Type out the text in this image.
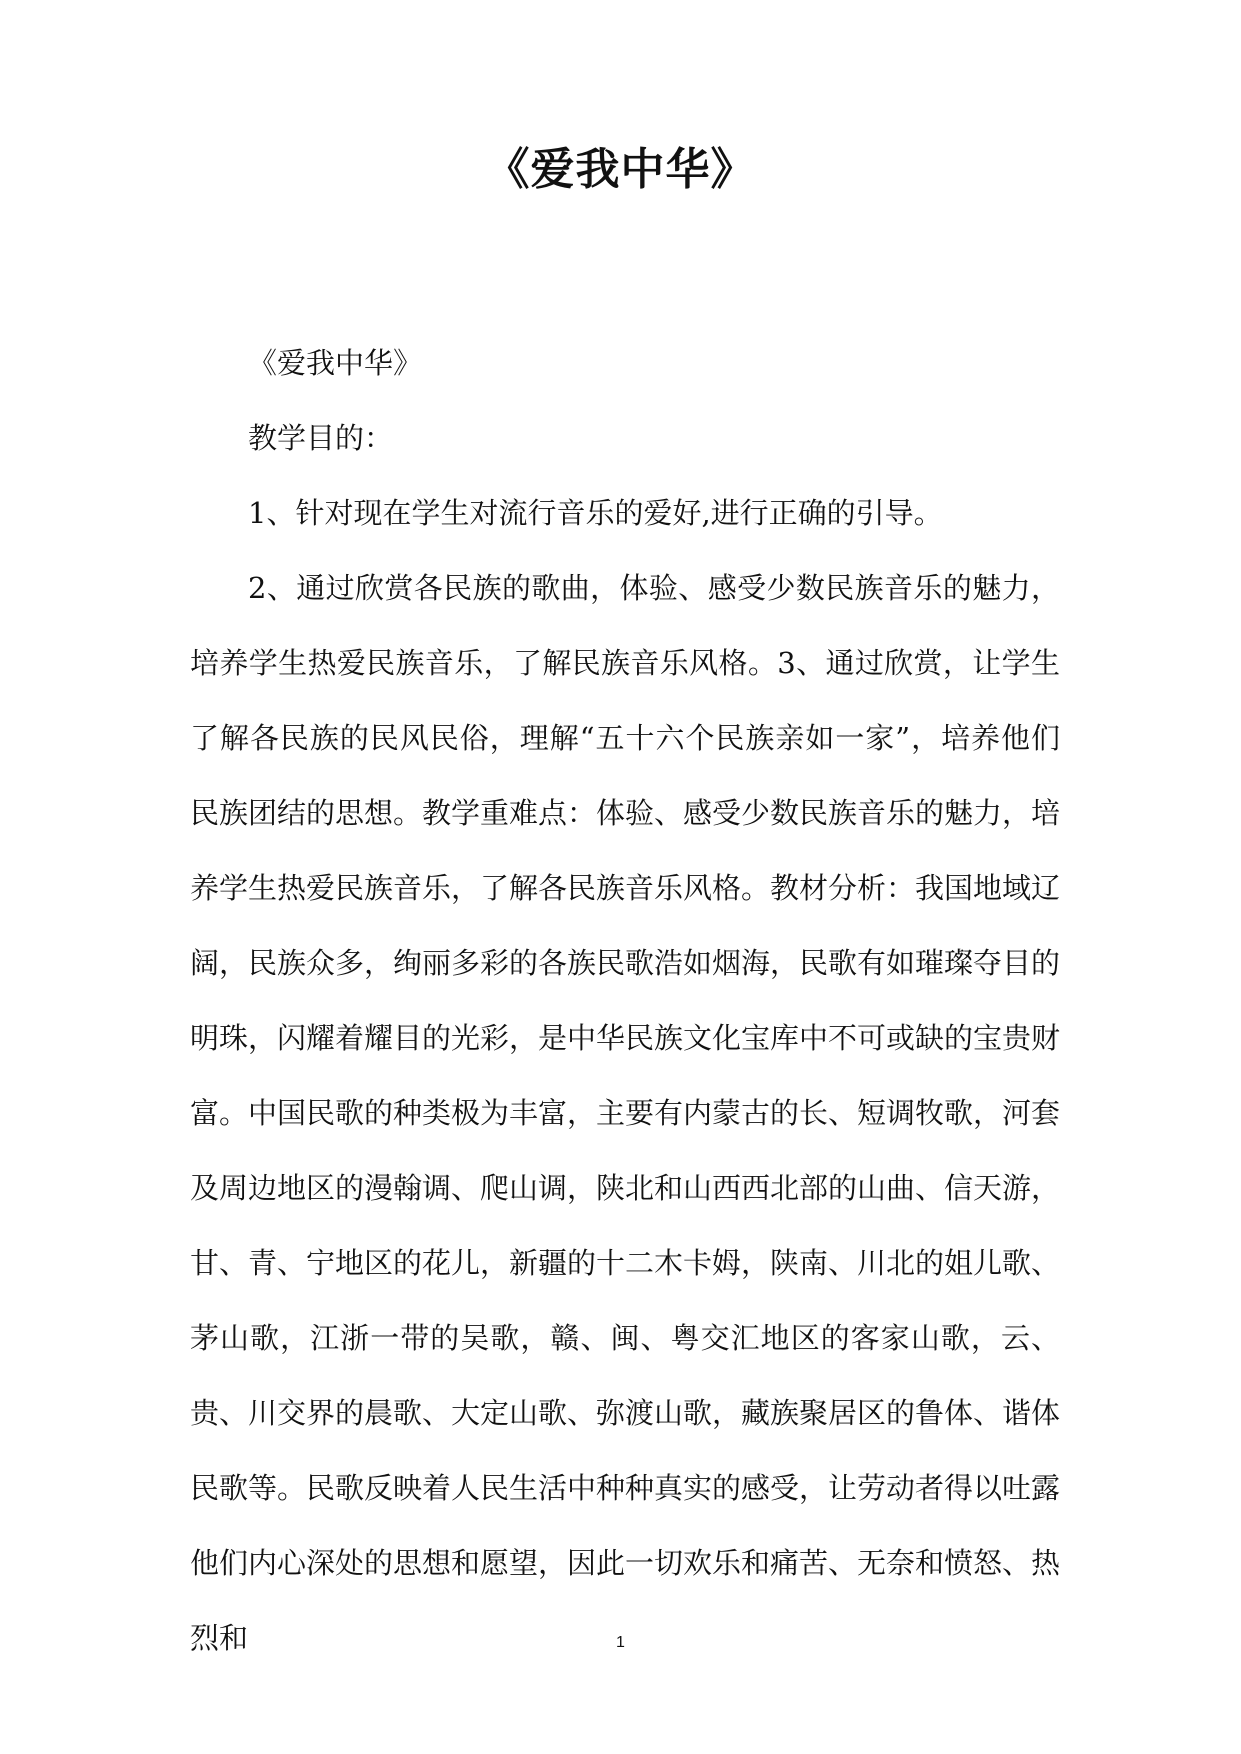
《爱我中华》

《爱我中华》

教学目的：

1、针对现在学生对流行音乐的爱好,进行正确的引导。

2、通过欣赏各民族的歌曲，体验、感受少数民族音乐的魅力，培养学生热爱民族音乐，了解民族音乐风格。3、通过欣赏，让学生了解各民族的民风民俗，理解“五十六个民族亲如一家”，培养他们民族团结的思想。教学重难点：体验、感受少数民族音乐的魅力，培养学生热爱民族音乐，了解各民族音乐风格。教材分析：我国地域辽阔，民族众多，绚丽多彩的各族民歌浩如烟海，民歌有如璀璨夺目的明珠，闪耀着耀目的光彩，是中华民族文化宝库中不可或缺的宝贵财富。中国民歌的种类极为丰富，主要有内蒙古的长、短调牧歌，河套及周边地区的漫翰调、爬山调，陕北和山西西北部的山曲、信天游，甘、青、宁地区的花儿，新疆的十二木卡姆，陕南、川北的姐儿歌、茅山歌，江浙一带的吴歌，赣、闽、粤交汇地区的客家山歌，云、贵、川交界的晨歌、大定山歌、弥渡山歌，藏族聚居区的鲁体、谐体民歌等。民歌反映着人民生活中种种真实的感受，让劳动者得以吐露他们内心深处的思想和愿望，因此一切欢乐和痛苦、无奈和愤怒、热烈和	1
